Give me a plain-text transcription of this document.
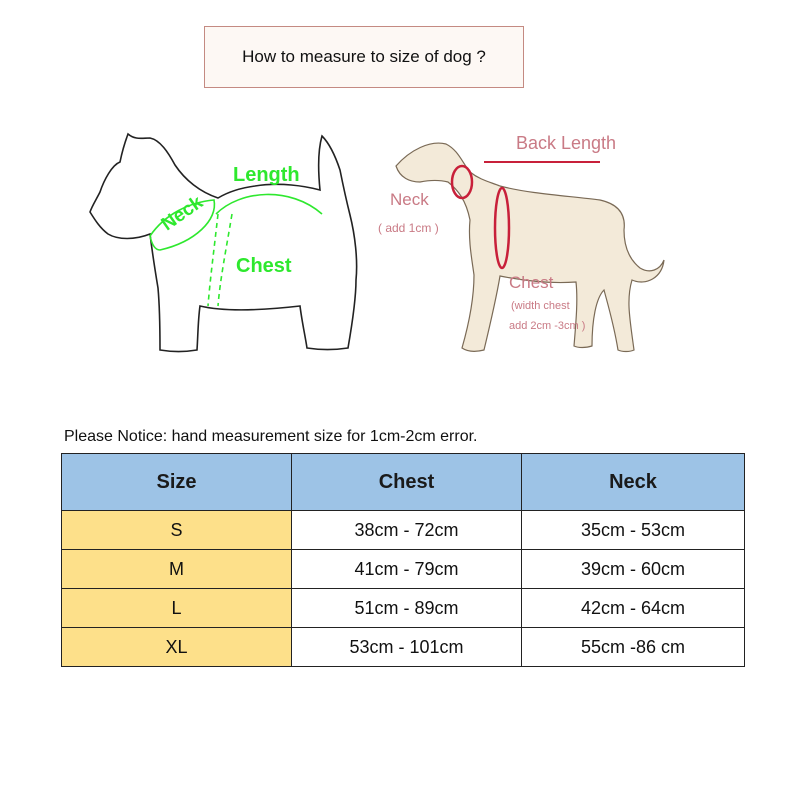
How to measure to size of dog ?
Length
Neck
Chest
Back Length
Neck
( add 1cm )
Chest
(width chest
add 2cm -3cm )
Please Notice: hand measurement size for 1cm-2cm error.
Size	Chest	Neck
S	38cm - 72cm	35cm - 53cm
M	41cm - 79cm	39cm - 60cm
L	51cm - 89cm	42cm - 64cm
XL	53cm - 101cm	55cm -86 cm
